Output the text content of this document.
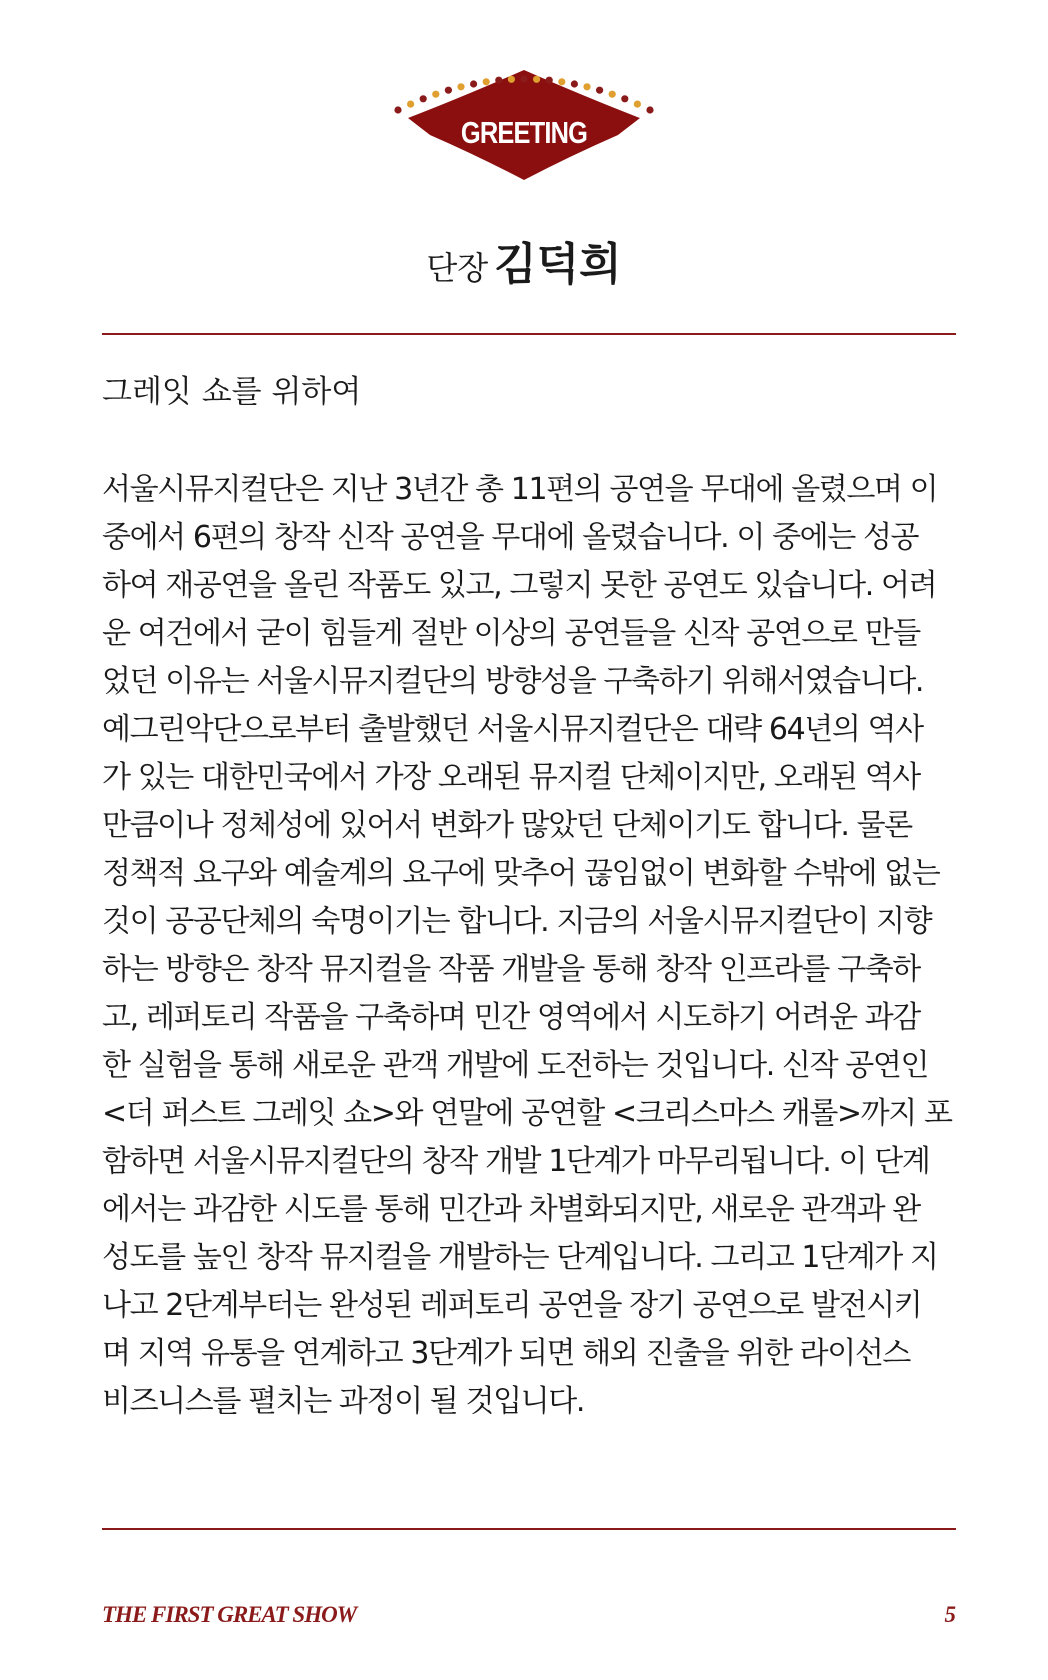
GREETING
단장 김덕희
그레잇 쇼를 위하여
서울시뮤지컬단은 지난 3년간 총 11편의 공연을 무대에 올렸으며 이
중에서 6편의 창작 신작 공연을 무대에 올렸습니다. 이 중에는 성공
하여 재공연을 올린 작품도 있고, 그렇지 못한 공연도 있습니다. 어려
운 여건에서 굳이 힘들게 절반 이상의 공연들을 신작 공연으로 만들
었던 이유는 서울시뮤지컬단의 방향성을 구축하기 위해서였습니다.
예그린악단으로부터 출발했던 서울시뮤지컬단은 대략 64년의 역사
가 있는 대한민국에서 가장 오래된 뮤지컬 단체이지만, 오래된 역사
만큼이나 정체성에 있어서 변화가 많았던 단체이기도 합니다. 물론
정책적 요구와 예술계의 요구에 맞추어 끊임없이 변화할 수밖에 없는
것이 공공단체의 숙명이기는 합니다. 지금의 서울시뮤지컬단이 지향
하는 방향은 창작 뮤지컬을 작품 개발을 통해 창작 인프라를 구축하
고, 레퍼토리 작품을 구축하며 민간 영역에서 시도하기 어려운 과감
한 실험을 통해 새로운 관객 개발에 도전하는 것입니다. 신작 공연인
<더 퍼스트 그레잇 쇼>와 연말에 공연할 <크리스마스 캐롤>까지 포
함하면 서울시뮤지컬단의 창작 개발 1단계가 마무리됩니다. 이 단계
에서는 과감한 시도를 통해 민간과 차별화되지만, 새로운 관객과 완
성도를 높인 창작 뮤지컬을 개발하는 단계입니다. 그리고 1단계가 지
나고 2단계부터는 완성된 레퍼토리 공연을 장기 공연으로 발전시키
며 지역 유통을 연계하고 3단계가 되면 해외 진출을 위한 라이선스
비즈니스를 펼치는 과정이 될 것입니다.
THE FIRST GREAT SHOW	5
